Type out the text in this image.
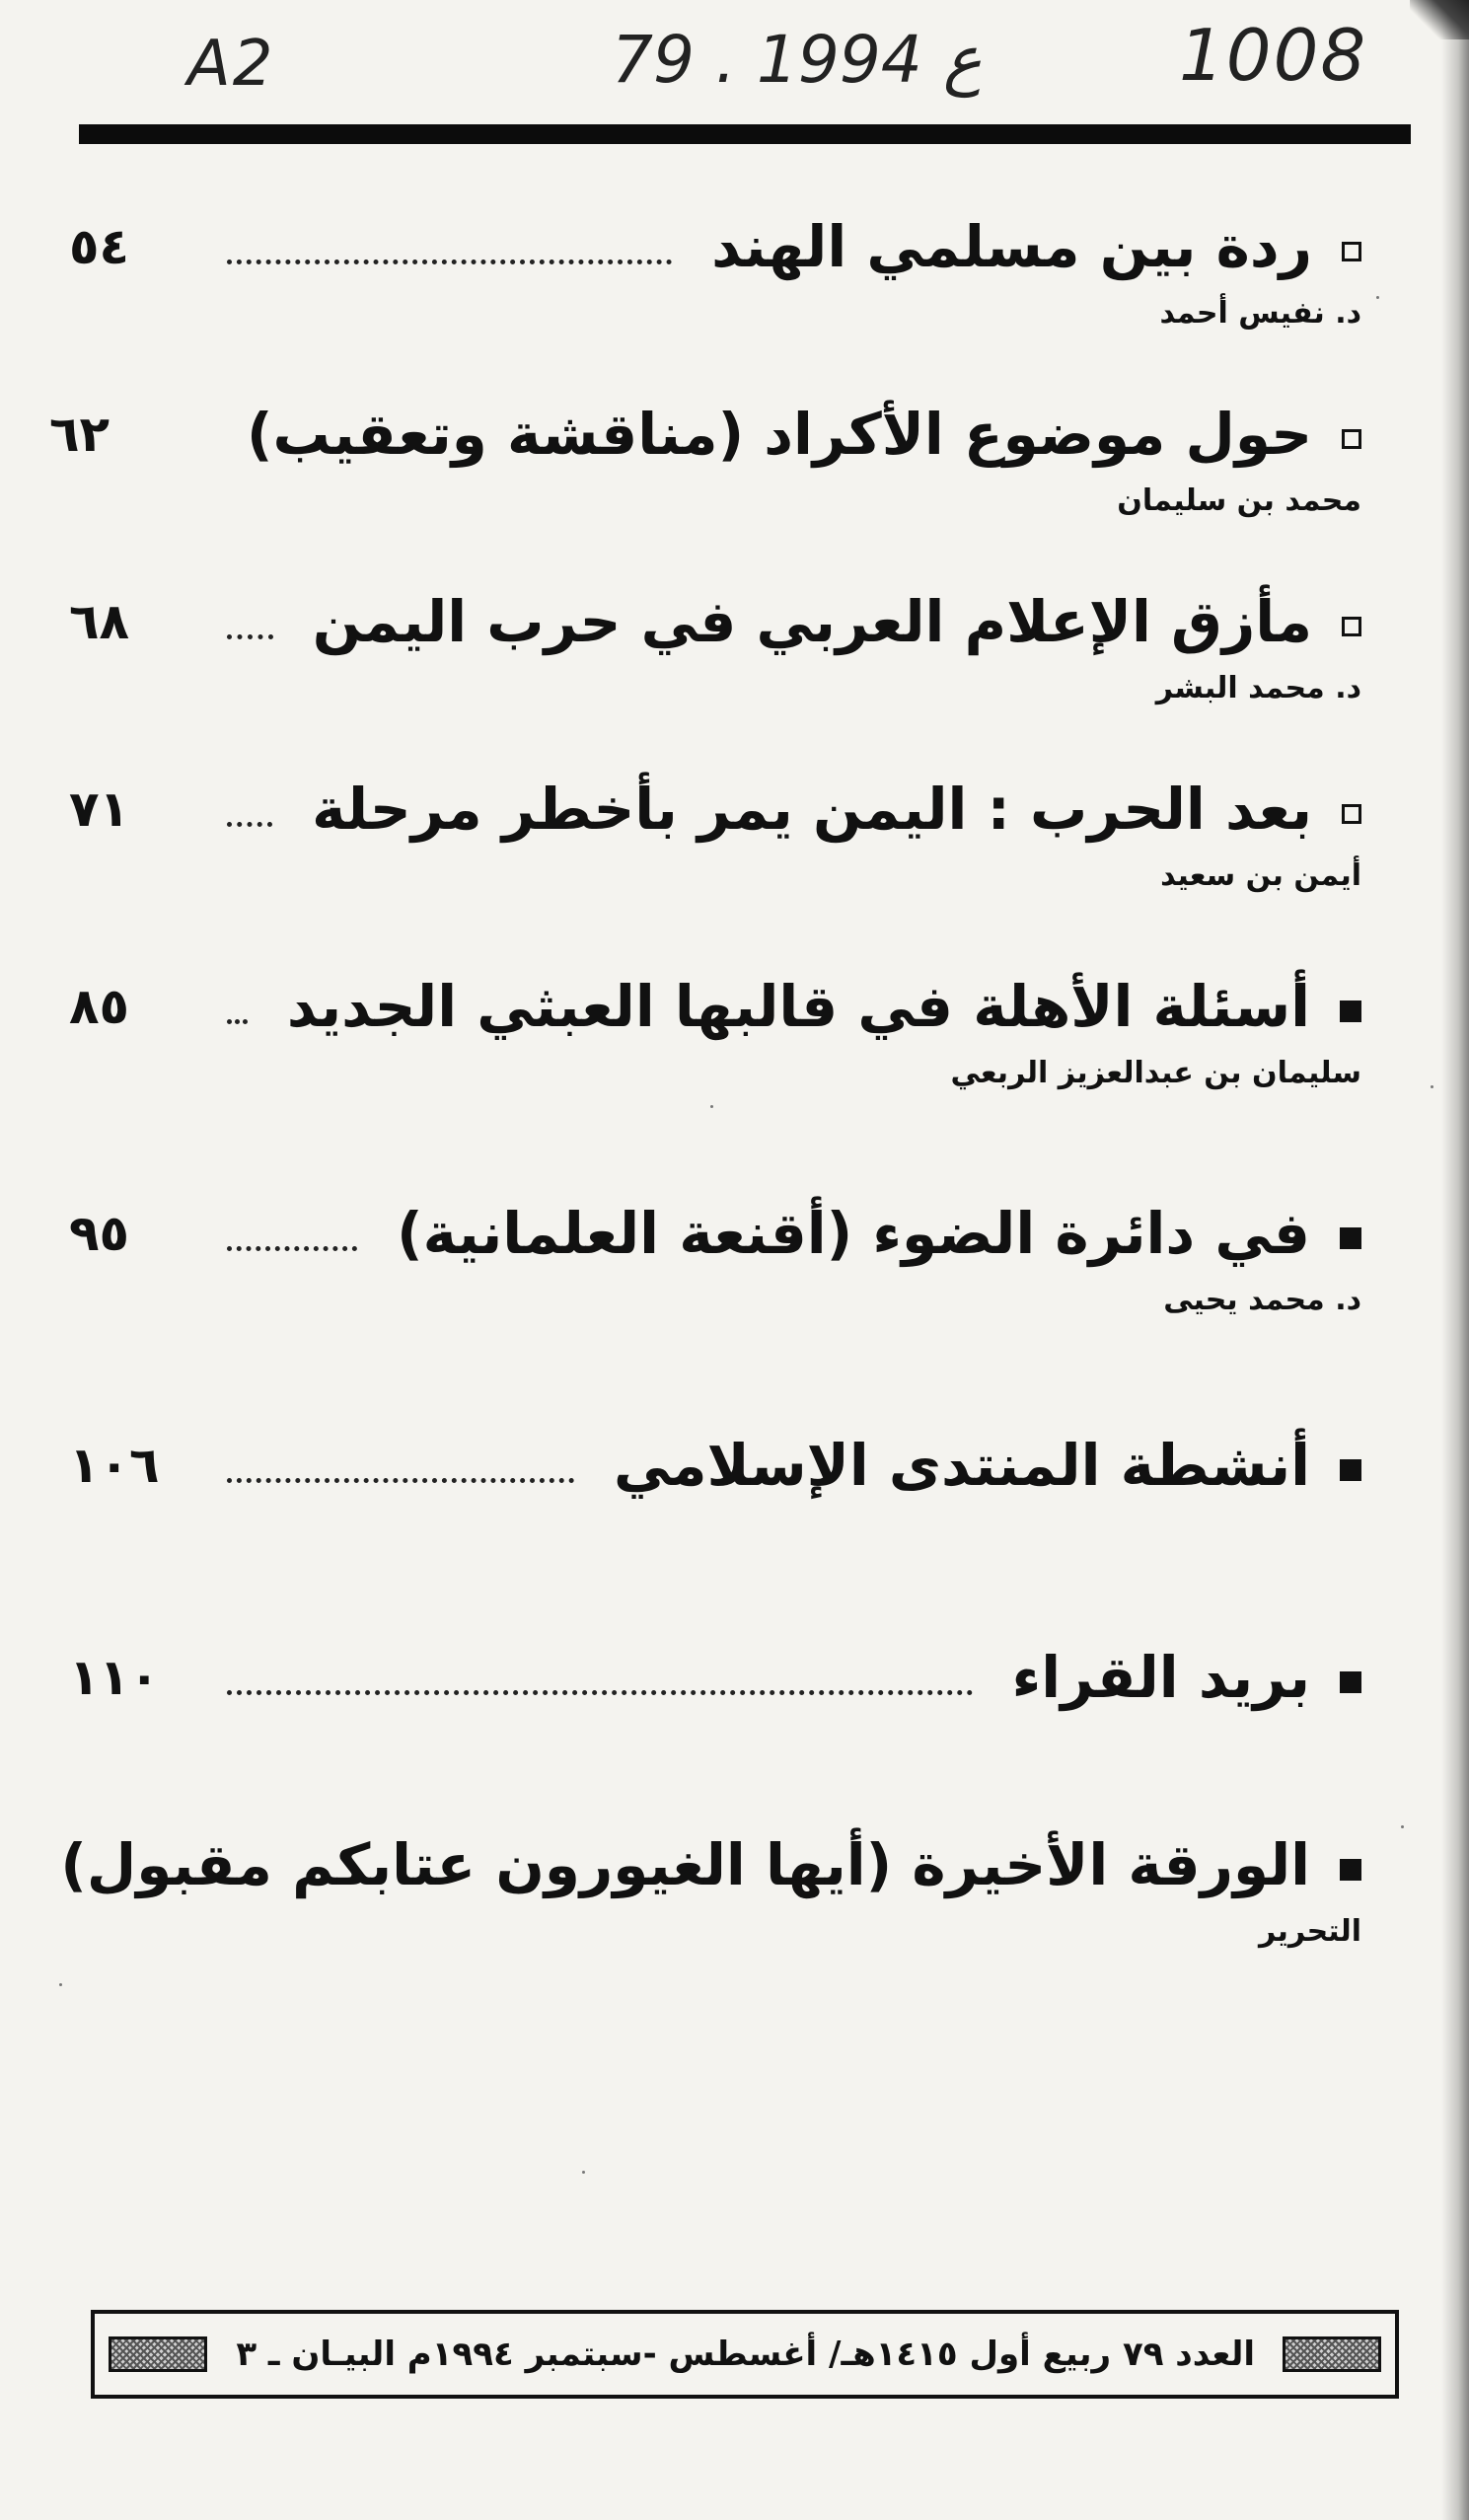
A2	79 . ع 1994	1008
ردة بين مسلمي الهند
٥٤
د. نفيس أحمد
حول موضوع الأكراد (مناقشة وتعقيب)
٦٢
محمد بن سليمان
مأزق الإعلام العربي في حرب اليمن
٦٨
د. محمد البشر
بعد الحرب : اليمن يمر بأخطر مرحلة
٧١
أيمن بن سعيد
أسئلة الأهلة في قالبها العبثي الجديد
٨٥
سليمان بن عبدالعزيز الربعي
في دائرة الضوء (أقنعة العلمانية)
٩٥
د. محمد يحيى
أنشطة المنتدى الإسلامي
١٠٦
بريد القراء
١١٠
الورقة الأخيرة (أيها الغيورون عتابكم مقبول)
التحرير
العدد ٧٩ ربيع أول ١٤١٥هـ/ أغسطس -سبتمبر ١٩٩٤م البيـان ـ ٣
